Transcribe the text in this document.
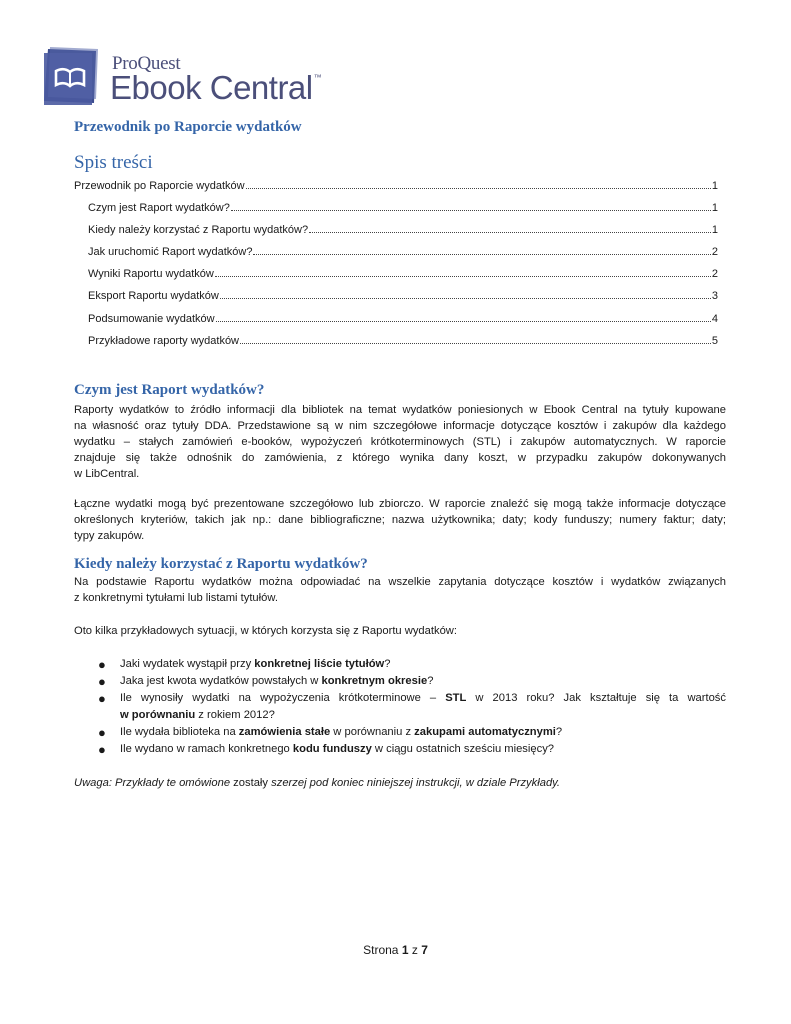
ProQuest
Ebook Central™
Przewodnik po Raporcie wydatków
Spis treści
Przewodnik po Raporcie wydatków	1
Czym jest Raport wydatków?	1
Kiedy należy korzystać z Raportu wydatków?	1
Jak uruchomić Raport wydatków?	2
Wyniki Raportu wydatków	2
Eksport Raportu wydatków	3
Podsumowanie wydatków	4
Przykładowe raporty wydatków	5
Czym jest Raport wydatków?
Raporty wydatków to źródło informacji dla bibliotek na temat wydatków poniesionych w Ebook Central na tytuły kupowane
na własność oraz tytuły DDA. Przedstawione są w nim szczegółowe informacje dotyczące kosztów i zakupów dla każdego
wydatku – stałych zamówień e-booków, wypożyczeń krótkoterminowych (STL) i zakupów automatycznych. W raporcie
znajduje się także odnośnik do zamówienia, z którego wynika dany koszt, w przypadku zakupów dokonywanych
w LibCentral.
Łączne wydatki mogą być prezentowane szczegółowo lub zbiorczo. W raporcie znaleźć się mogą także informacje dotyczące
określonych kryteriów, takich jak np.: dane bibliograficzne; nazwa użytkownika; daty; kody funduszy; numery faktur; daty;
typy zakupów.
Kiedy należy korzystać z Raportu wydatków?
Na podstawie Raportu wydatków można odpowiadać na wszelkie zapytania dotyczące kosztów i wydatków związanych
z konkretnymi tytułami lub listami tytułów.
Oto kilka przykładowych sytuacji, w których korzysta się z Raportu wydatków:
● Jaki wydatek wystąpił przy konkretnej liście tytułów?
● Jaka jest kwota wydatków powstałych w konkretnym okresie?
● Ile wynosiły wydatki na wypożyczenia krótkoterminowe – STL w 2013 roku? Jak kształtuje się ta wartość
w porównaniu z rokiem 2012?
● Ile wydała biblioteka na zamówienia stałe w porównaniu z zakupami automatycznymi?
● Ile wydano w ramach konkretnego kodu funduszy w ciągu ostatnich sześciu miesięcy?
Uwaga: Przykłady te omówione zostały szerzej pod koniec niniejszej instrukcji, w dziale Przykłady.
Strona 1 z 7
